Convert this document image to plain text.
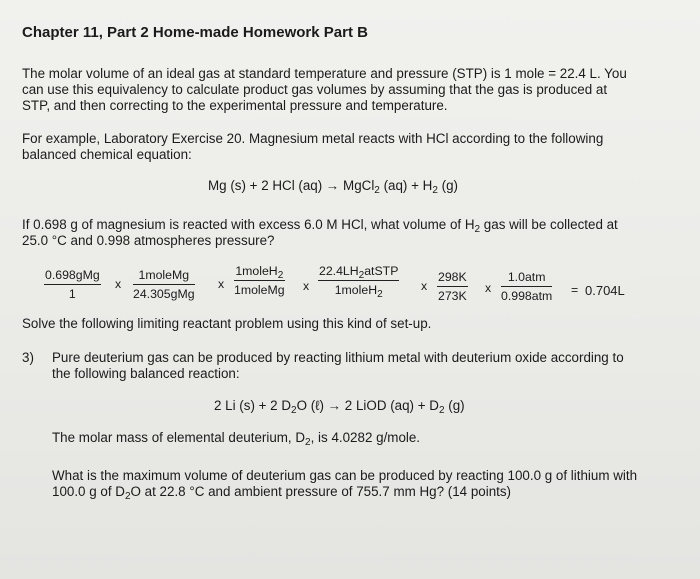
Chapter 11, Part 2 Home-made Homework Part B
The molar volume of an ideal gas at standard temperature and pressure (STP) is 1 mole = 22.4 L. You
can use this equivalency to calculate product gas volumes by assuming that the gas is produced at
STP, and then correcting to the experimental pressure and temperature.
For example, Laboratory Exercise 20. Magnesium metal reacts with HCl according to the following
balanced chemical equation:
Mg (s) + 2 HCl (aq) → MgCl$_2$ $(aq) + H_2$ (g)
If 0.698 g of magnesium is reacted with excess 6.0 M HCl, what volume of $H_2$ gas will be collected at
25.0 °C and 0.998 atmospheres pressure?
0.698gMg
1
x
1moleMg
24.305gMg
x
1moleH$_2$
1moleMg x
$22.4LH_2atSTP$
1moleH$_2$
x $\frac{298K}{273K}$ x
1.0atm
0.998atm = 0.704L
Solve the following limiting reactant problem using this kind of set-up.
3) Pure deuterium gas can be produced by reacting lithium metal with deuterium oxide according to
the following balanced reaction:
2 Li (s) + 2 $D_2O$ (ℓ) → 2 LiOD $(aq) + D_2$ (g)
The molar mass of elemental deuterium, $D_2$, is 4.0282 g/mole.
What is the maximum volume of deuterium gas can be produced by reacting 100.0 g of lithium with
100.0 g of $D_2O$ at 22.8 °C and ambient pressure of 755.7 mm Hg? (14 points)
